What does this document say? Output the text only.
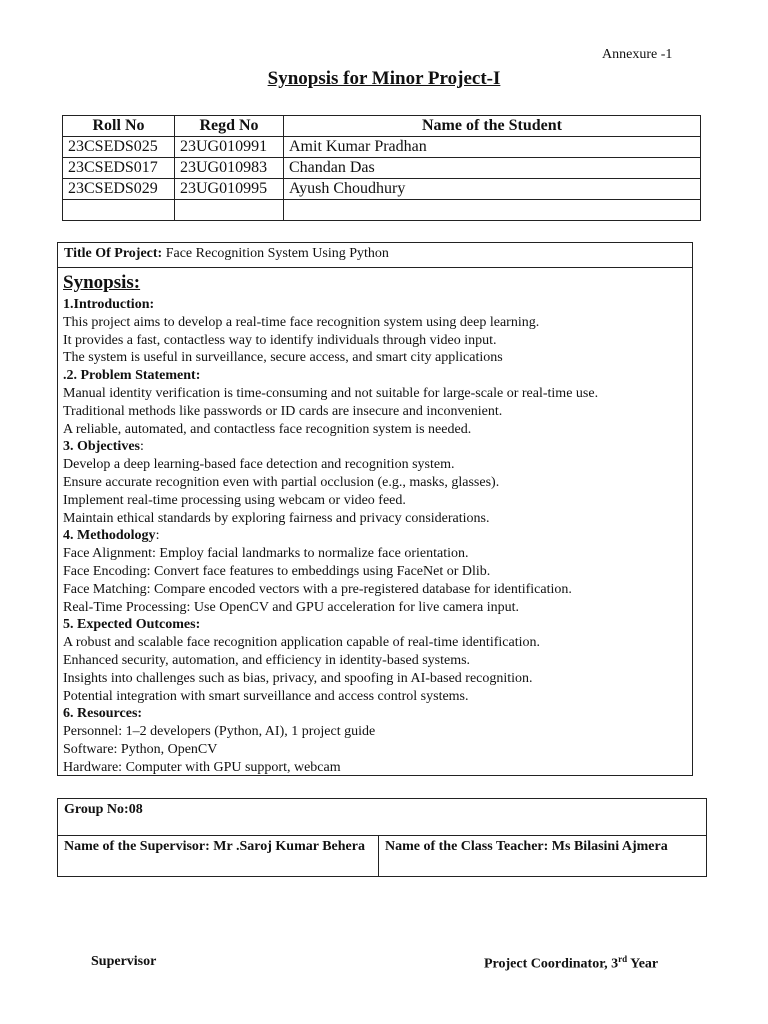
Annexure -1
Synopsis for Minor Project-I
Roll No	Regd No	Name of the Student
23CSEDS025	23UG010991	Amit Kumar Pradhan
23CSEDS017	23UG010983	Chandan Das
23CSEDS029	23UG010995	Ayush Choudhury

Title Of Project: Face Recognition System Using Python
Synopsis:
1.Introduction:
This project aims to develop a real-time face recognition system using deep learning.
It provides a fast, contactless way to identify individuals through video input.
The system is useful in surveillance, secure access, and smart city applications
.2. Problem Statement:
Manual identity verification is time-consuming and not suitable for large-scale or real-time use.
Traditional methods like passwords or ID cards are insecure and inconvenient.
A reliable, automated, and contactless face recognition system is needed.
3. Objectives:
Develop a deep learning-based face detection and recognition system.
Ensure accurate recognition even with partial occlusion (e.g., masks, glasses).
Implement real-time processing using webcam or video feed.
Maintain ethical standards by exploring fairness and privacy considerations.
4. Methodology:
Face Alignment: Employ facial landmarks to normalize face orientation.
Face Encoding: Convert face features to embeddings using FaceNet or Dlib.
Face Matching: Compare encoded vectors with a pre-registered database for identification.
Real-Time Processing: Use OpenCV and GPU acceleration for live camera input.
5. Expected Outcomes:
A robust and scalable face recognition application capable of real-time identification.
Enhanced security, automation, and efficiency in identity-based systems.
Insights into challenges such as bias, privacy, and spoofing in AI-based recognition.
Potential integration with smart surveillance and access control systems.
6. Resources:
Personnel: 1–2 developers (Python, AI), 1 project guide
Software: Python, OpenCV
Hardware: Computer with GPU support, webcam
Group No:08
Name of the Supervisor: Mr .Saroj Kumar Behera	Name of the Class Teacher: Ms Bilasini Ajmera
Supervisor	Project Coordinator, 3rd Year
